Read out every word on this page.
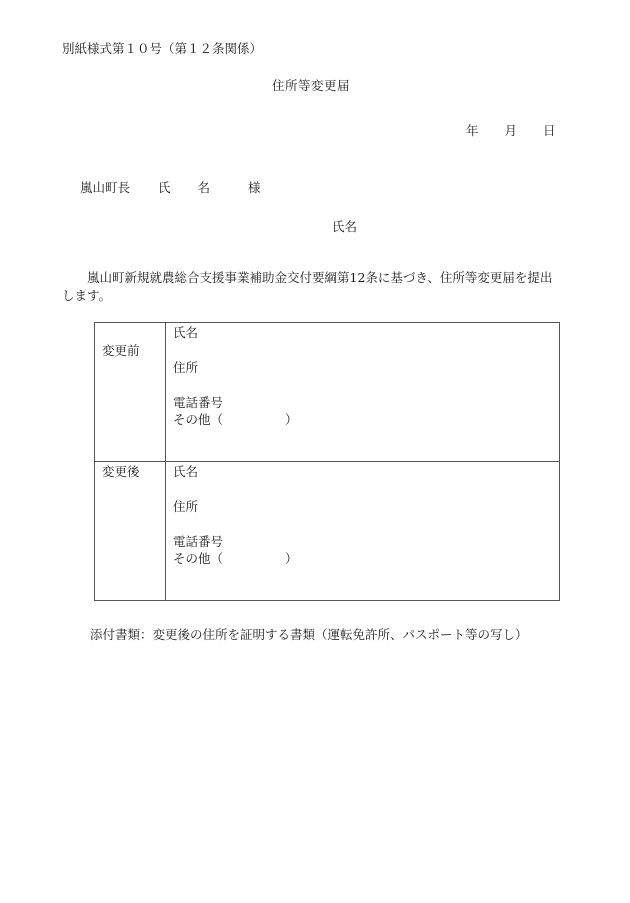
別紙様式第１０号（第１２条関係）
住所等変更届
年 月 日
嵐山町長 氏 名	様
氏名
嵐山町新規就農総合支援事業補助金交付要綱第12条に基づき、住所等変更届を提出します。
変更前	氏名
住所
電話番号
その他（ ）

変更後	氏名
住所
電話番号
その他（ ）
添付書類：変更後の住所を証明する書類（運転免許所、パスポート等の写し）
